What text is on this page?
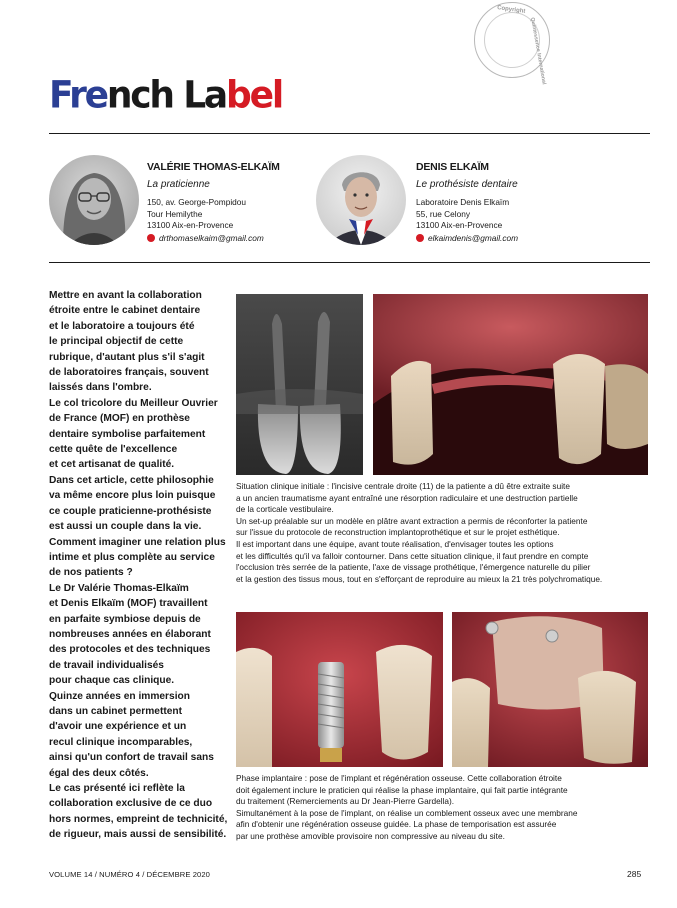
Copyright
Quintessence International
French Label
VALÉRIE THOMAS-ELKAÏM
La praticienne
150, av. George-Pompidou
Tour Hemilythe
13100 Aix-en-Provence
drthomaselkaim@gmail.com
DENIS ELKAÏM
Le prothésiste dentaire
Laboratoire Denis Elkaïm
55, rue Celony
13100 Aix-en-Provence
elkaimdenis@gmail.com

Mettre en avant la collaboration

étroite entre le cabinet dentaire

et le laboratoire a toujours été

le principal objectif de cette

rubrique, d'autant plus s'il s'agit

de laboratoires français, souvent

laissés dans l'ombre.

Le col tricolore du Meilleur Ouvrier

de France (MOF) en prothèse

dentaire symbolise parfaitement

cette quête de l'excellence

et cet artisanat de qualité.

Dans cet article, cette philosophie

va même encore plus loin puisque

ce couple praticienne-prothésiste

est aussi un couple dans la vie.

Comment imaginer une relation plus

intime et plus complète au service

de nos patients ?

Le Dr Valérie Thomas-Elkaïm

et Denis Elkaïm (MOF) travaillent

en parfaite symbiose depuis de

nombreuses années en élaborant

des protocoles et des techniques

de travail individualisés

pour chaque cas clinique.

Quinze années en immersion

dans un cabinet permettent

d'avoir une expérience et un

recul clinique incomparables,

ainsi qu'un confort de travail sans

égal des deux côtés.

Le cas présenté ici reflète la

collaboration exclusive de ce duo

hors normes, empreint de technicité,

de rigueur, mais aussi de sensibilité.

Situation clinique initiale : l'incisive centrale droite (11) de la patiente a dû être extraite suite

a un ancien traumatisme ayant entraîné une résorption radiculaire et une destruction partielle

de la corticale vestibulaire.

Un set-up préalable sur un modèle en plâtre avant extraction a permis de réconforter la patiente

sur l'issue du protocole de reconstruction implantoprothétique et sur le projet esthétique.

Il est important dans une équipe, avant toute réalisation, d'envisager toutes les options

et les difficultés qu'il va falloir contourner. Dans cette situation clinique, il faut prendre en compte

l'occlusion très serrée de la patiente, l'axe de vissage prothétique, l'émergence naturelle du pilier

et la gestion des tissus mous, tout en s'efforçant de reproduire au mieux la 21 très polychromatique.

Phase implantaire : pose de l'implant et régénération osseuse. Cette collaboration étroite

doit également inclure le praticien qui réalise la phase implantaire, qui fait partie intégrante

du traitement (Remerciements au Dr Jean-Pierre Gardella).

Simultanément à la pose de l'implant, on réalise un comblement osseux avec une membrane

afin d'obtenir une régénération osseuse guidée. La phase de temporisation est assurée

par une prothèse amovible provisoire non compressive au niveau du site.

VOLUME 14 / NUMÉRO 4 / DÉCEMBRE 2020	285
